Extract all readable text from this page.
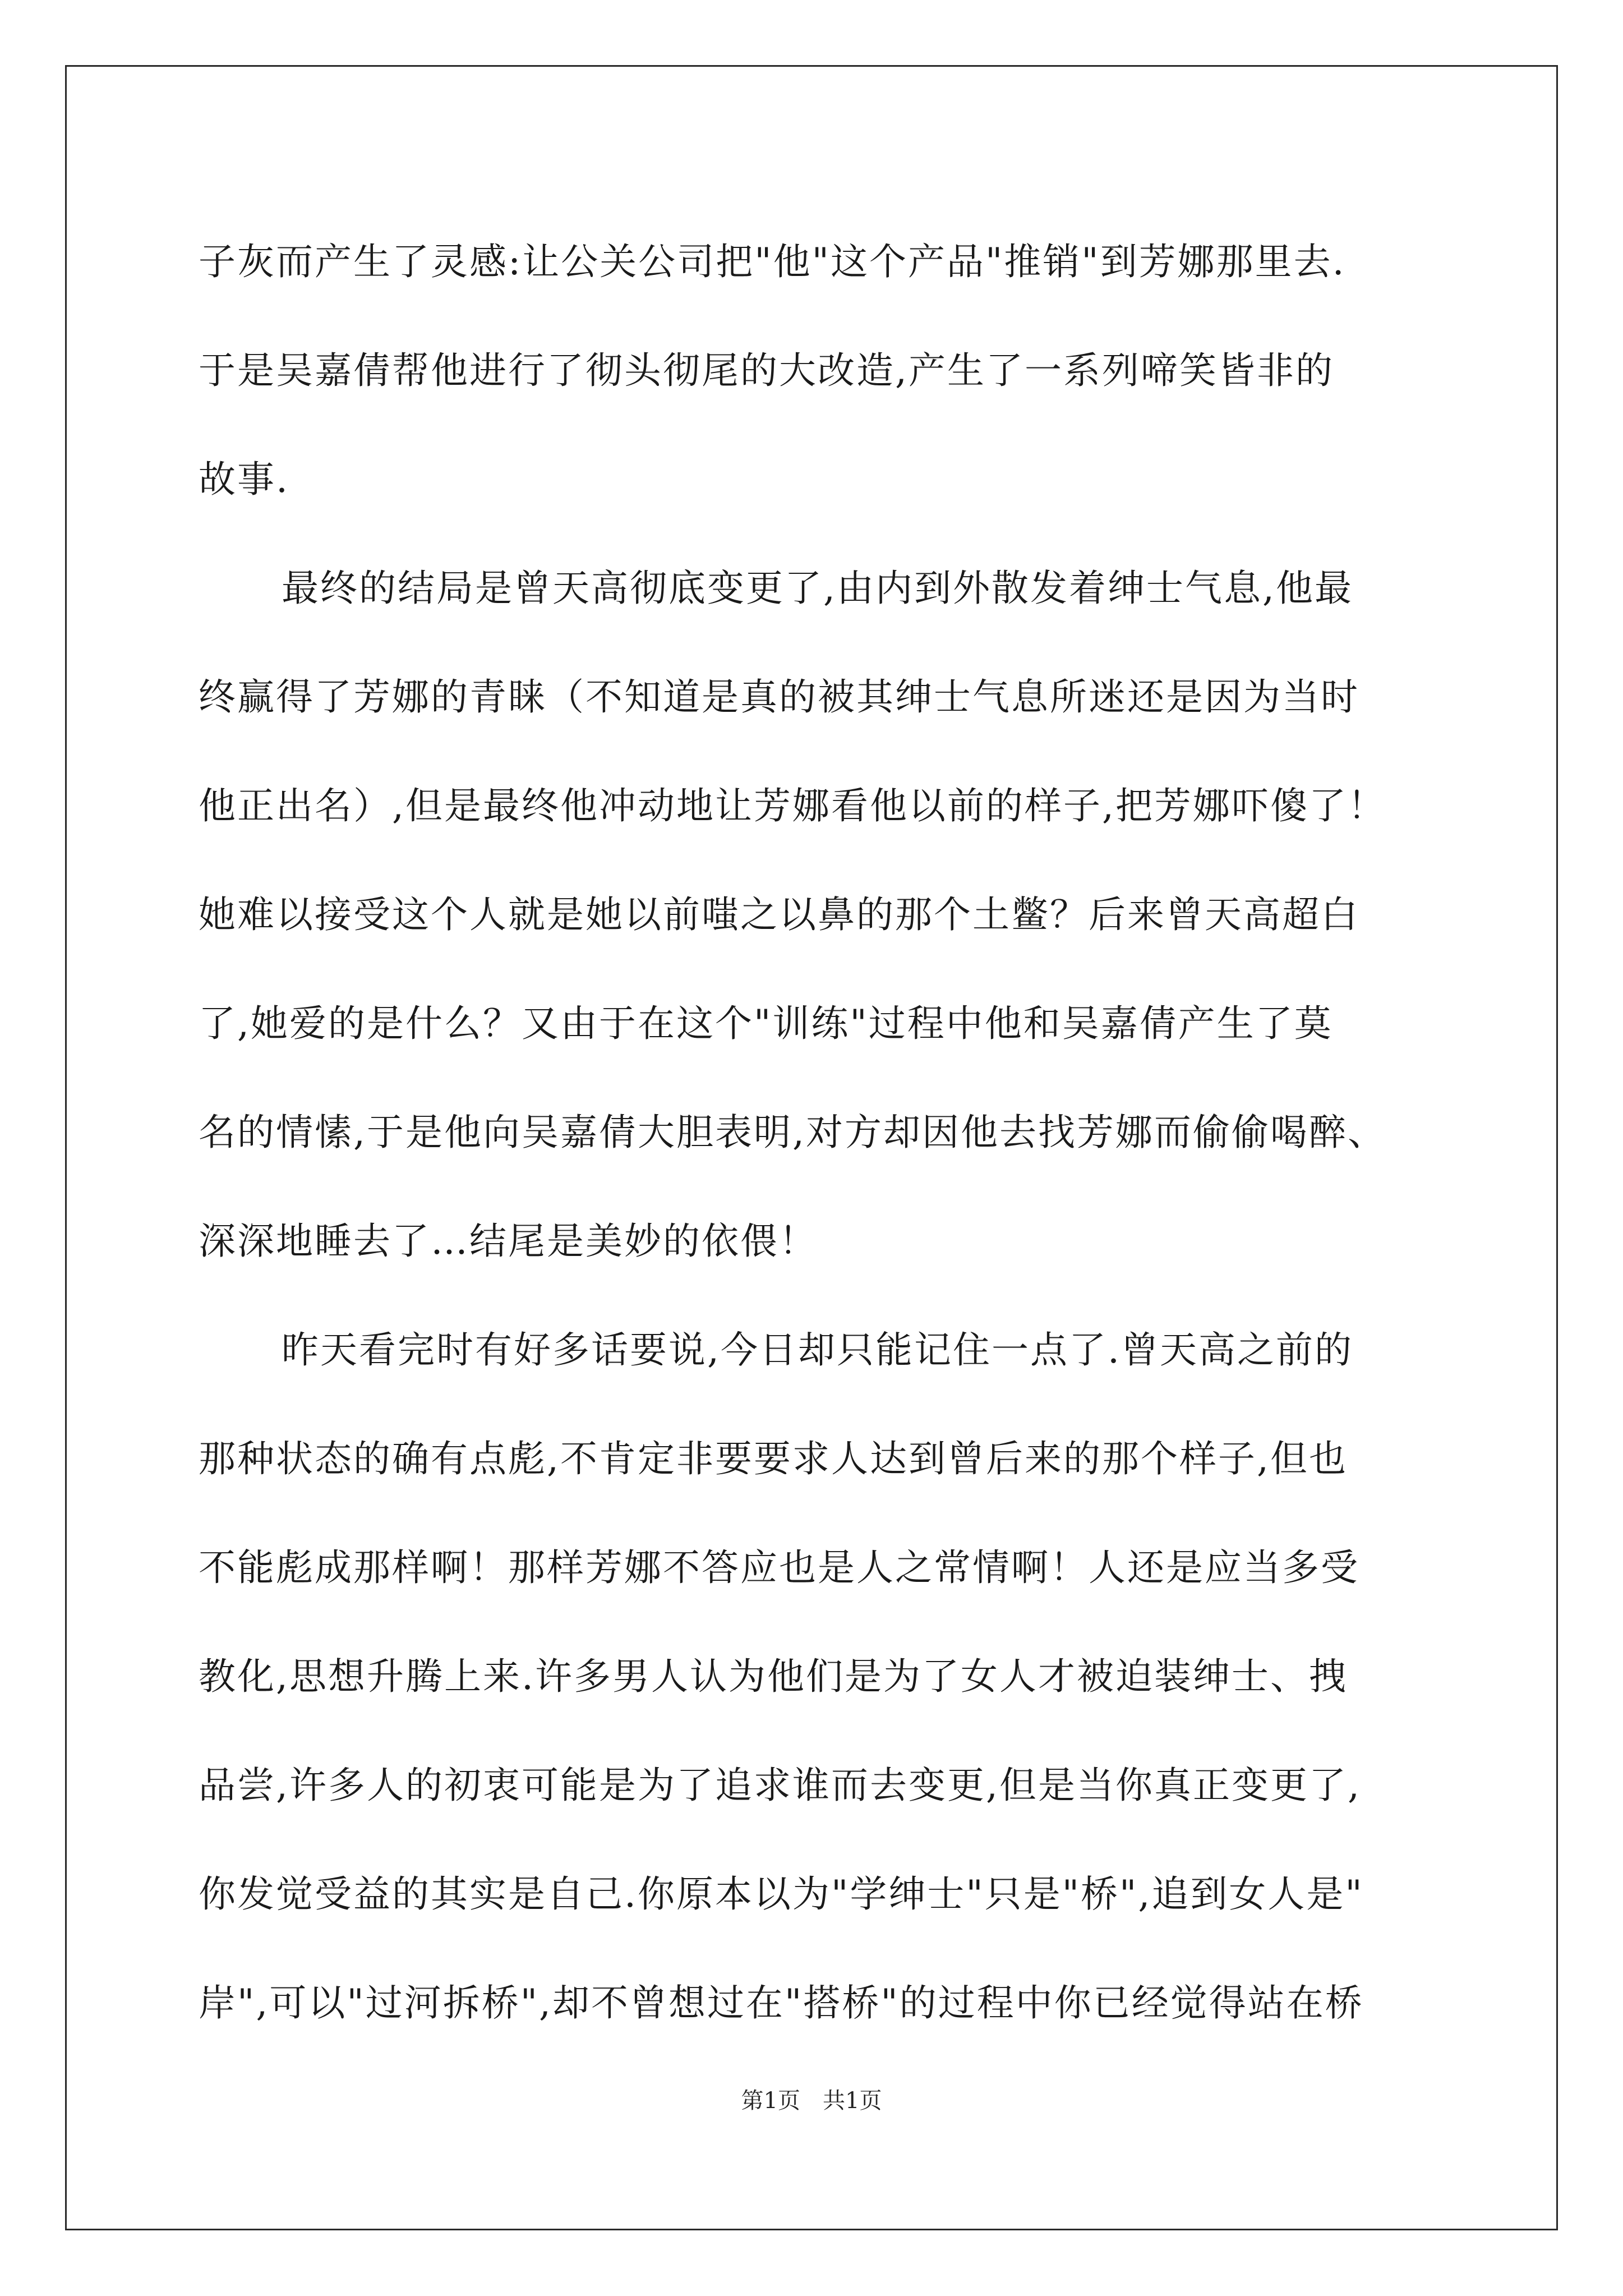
子灰而产生了灵感:让公关公司把"他"这个产品"推销"到芳娜那里去.
于是吴嘉倩帮他进行了彻头彻尾的大改造,产生了一系列啼笑皆非的
故事.
最终的结局是曾天高彻底变更了,由内到外散发着绅士气息,他最
终赢得了芳娜的青睐（不知道是真的被其绅士气息所迷还是因为当时
他正出名）,但是最终他冲动地让芳娜看他以前的样子,把芳娜吓傻了！
她难以接受这个人就是她以前嗤之以鼻的那个土鳖？后来曾天高超白
了,她爱的是什么？又由于在这个"训练"过程中他和吴嘉倩产生了莫
名的情愫,于是他向吴嘉倩大胆表明,对方却因他去找芳娜而偷偷喝醉、
深深地睡去了…结尾是美妙的依偎！
昨天看完时有好多话要说,今日却只能记住一点了.曾天高之前的
那种状态的确有点彪,不肯定非要要求人达到曾后来的那个样子,但也
不能彪成那样啊！那样芳娜不答应也是人之常情啊！人还是应当多受
教化,思想升腾上来.许多男人认为他们是为了女人才被迫装绅士、拽
品尝,许多人的初衷可能是为了追求谁而去变更,但是当你真正变更了,
你发觉受益的其实是自己.你原本以为"学绅士"只是"桥",追到女人是"
岸",可以"过河拆桥",却不曾想过在"搭桥"的过程中你已经觉得站在桥
第1页　共1页
